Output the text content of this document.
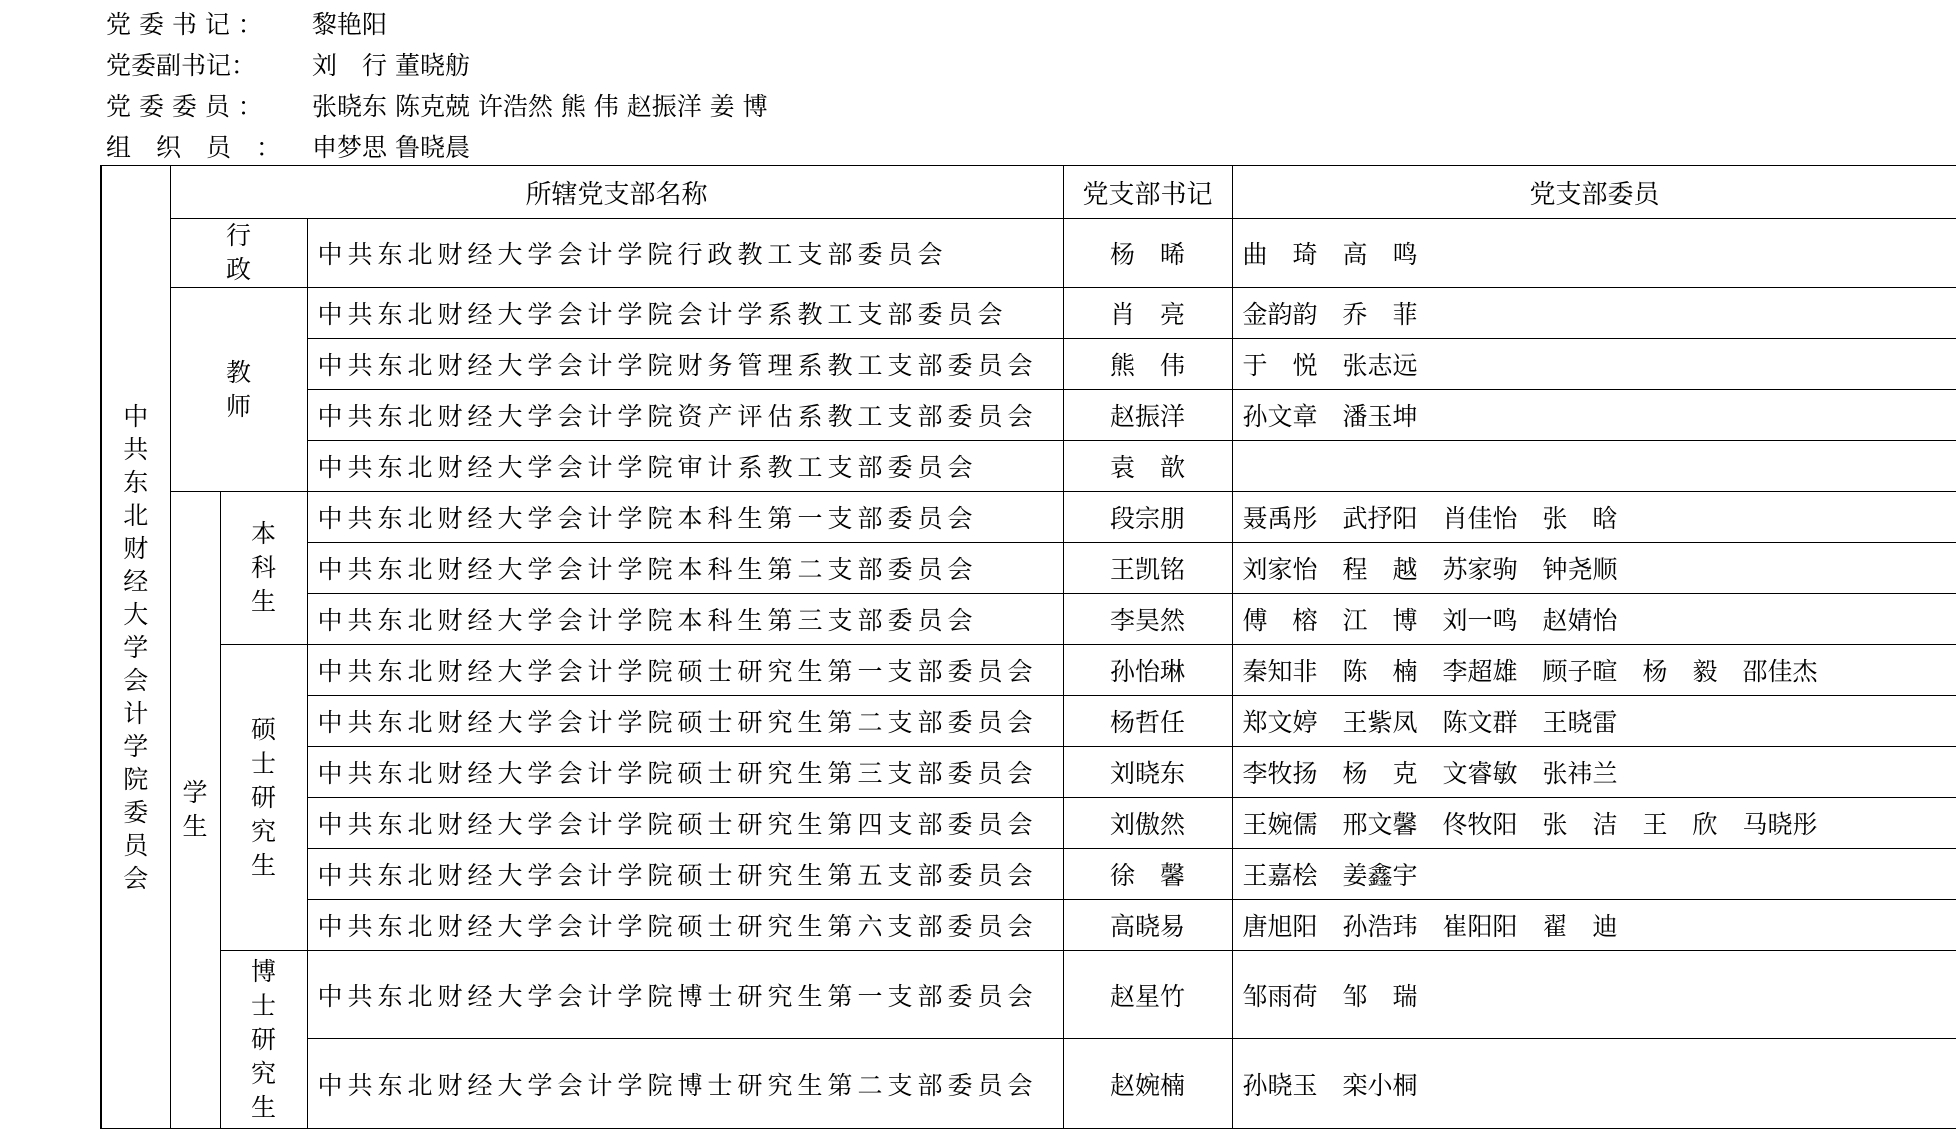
党 委 书 记 ：	黎艳阳
党委副书记：	刘　行 董晓舫
党 委 委 员 ：	张晓东 陈克兢 许浩然 熊 伟 赵振洋 姜 博
组　织　员　：	申梦思 鲁晓晨
中共东北财经大学会计学院委员会	所辖党支部名称			党支部书记	党支部委员
	行政		中共东北财经大学会计学院行政教工支部委员会	杨　晞	曲　琦　高　鸣
	教师		中共东北财经大学会计学院会计学系教工支部委员会	肖　亮	金韵韵　乔　菲
			中共东北财经大学会计学院财务管理系教工支部委员会	熊　伟	于　悦　张志远
			中共东北财经大学会计学院资产评估系教工支部委员会	赵振洋	孙文章　潘玉坤
			中共东北财经大学会计学院审计系教工支部委员会	袁　歆	
	学生	本科生	中共东北财经大学会计学院本科生第一支部委员会	段宗朋	聂禹彤　武抒阳　肖佳怡　张　晗
			中共东北财经大学会计学院本科生第二支部委员会	王凯铭	刘家怡　程　越　苏家驹　钟尧顺
			中共东北财经大学会计学院本科生第三支部委员会	李昊然	傅　榕　江　博　刘一鸣　赵婧怡
		硕士研究生	中共东北财经大学会计学院硕士研究生第一支部委员会	孙怡琳	秦知非　陈　楠　李超雄　顾子暄　杨　毅　邵佳杰
			中共东北财经大学会计学院硕士研究生第二支部委员会	杨哲任	郑文婷　王紫凤　陈文群　王晓雷
			中共东北财经大学会计学院硕士研究生第三支部委员会	刘晓东	李牧扬　杨　克　文睿敏　张祎兰
			中共东北财经大学会计学院硕士研究生第四支部委员会	刘傲然	王婉儒　邢文馨　佟牧阳　张　洁　王　欣　马晓彤
			中共东北财经大学会计学院硕士研究生第五支部委员会	徐　馨	王嘉桧　姜鑫宇
			中共东北财经大学会计学院硕士研究生第六支部委员会	高晓易	唐旭阳　孙浩玮　崔阳阳　翟　迪
		博士研究生	中共东北财经大学会计学院博士研究生第一支部委员会	赵星竹	邹雨荷　邹　瑞
			中共东北财经大学会计学院博士研究生第二支部委员会	赵婉楠	孙晓玉　栾小桐
